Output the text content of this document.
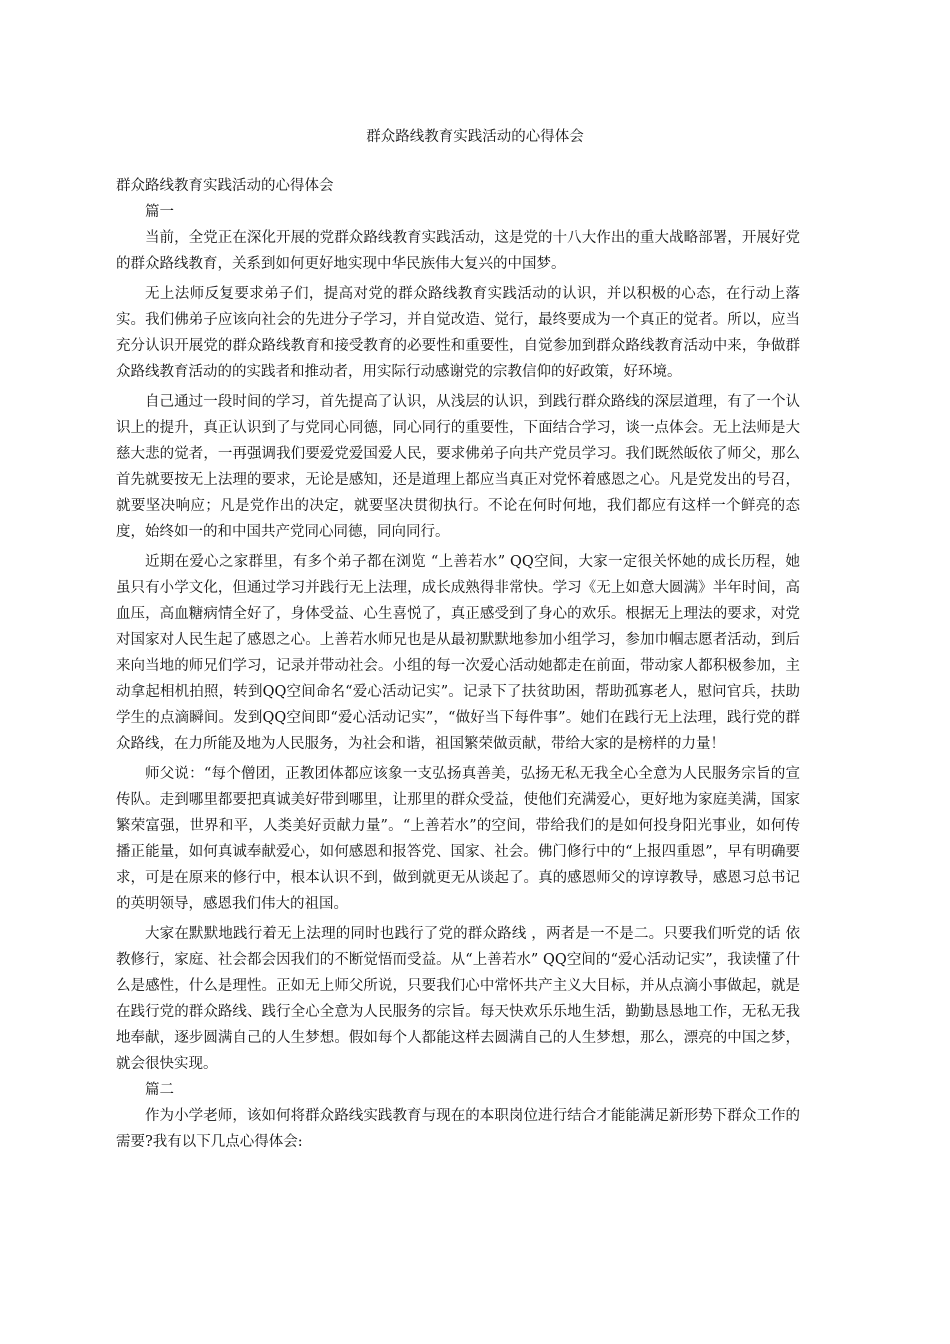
群众路线教育实践活动的心得体会

群众路线教育实践活动的心得体会

篇一

当前，全党正在深化开展的党群众路线教育实践活动，这是党的十八大作出的重大战略部署，开展好党的群众路线教育，关系到如何更好地实现中华民族伟大复兴的中国梦。

无上法师反复要求弟子们，提高对党的群众路线教育实践活动的认识，并以积极的心态，在行动上落实。我们佛弟子应该向社会的先进分子学习，并自觉改造、觉行，最终要成为一个真正的觉者。所以，应当充分认识开展党的群众路线教育和接受教育的必要性和重要性，自觉参加到群众路线教育活动中来，争做群众路线教育活动的的实践者和推动者，用实际行动感谢党的宗教信仰的好政策，好环境。

自己通过一段时间的学习，首先提高了认识，从浅层的认识，到践行群众路线的深层道理，有了一个认识上的提升，真正认识到了与党同心同德，同心同行的重要性，下面结合学习，谈一点体会。无上法师是大慈大悲的觉者，一再强调我们要爱党爱国爱人民，要求佛弟子向共产党员学习。我们既然皈依了师父，那么首先就要按无上法理的要求，无论是感知，还是道理上都应当真正对党怀着感恩之心。凡是党发出的号召，就要坚决响应；凡是党作出的决定，就要坚决贯彻执行。不论在何时何地，我们都应有这样一个鲜亮的态度，始终如一的和中国共产党同心同德，同向同行。

近期在爱心之家群里，有多个弟子都在浏览 “上善若水” QQ空间，大家一定很关怀她的成长历程，她虽只有小学文化，但通过学习并践行无上法理，成长成熟得非常快。学习《无上如意大圆满》半年时间，高血压，高血糖病情全好了，身体受益、心生喜悦了，真正感受到了身心的欢乐。根据无上理法的要求，对党对国家对人民生起了感恩之心。上善若水师兄也是从最初默默地参加小组学习，参加巾帼志愿者活动，到后来向当地的师兄们学习，记录并带动社会。小组的每一次爱心活动她都走在前面，带动家人都积极参加，主动拿起相机拍照，转到QQ空间命名“爱心活动记实”。记录下了扶贫助困，帮助孤寡老人，慰问官兵，扶助学生的点滴瞬间。发到QQ空间即“爱心活动记实”，“做好当下每件事”。她们在践行无上法理，践行党的群众路线，在力所能及地为人民服务，为社会和谐，祖国繁荣做贡献，带给大家的是榜样的力量！

师父说：“每个僧团，正教团体都应该象一支弘扬真善美，弘扬无私无我全心全意为人民服务宗旨的宣传队。走到哪里都要把真诚美好带到哪里，让那里的群众受益，使他们充满爱心，更好地为家庭美满，国家繁荣富强，世界和平，人类美好贡献力量”。“上善若水”的空间，带给我们的是如何投身阳光事业，如何传播正能量，如何真诚奉献爱心，如何感恩和报答党、国家、社会。佛门修行中的“上报四重恩”，早有明确要求，可是在原来的修行中，根本认识不到，做到就更无从谈起了。真的感恩师父的谆谆教导，感恩习总书记的英明领导，感恩我们伟大的祖国。

大家在默默地践行着无上法理的同时也践行了党的群众路线 ，两者是一不是二。只要我们听党的话 依教修行，家庭、社会都会因我们的不断觉悟而受益。从“上善若水” QQ空间的“爱心活动记实”，我读懂了什么是感性，什么是理性。正如无上师父所说，只要我们心中常怀共产主义大目标，并从点滴小事做起，就是在践行党的群众路线、践行全心全意为人民服务的宗旨。每天快欢乐乐地生活，勤勤恳恳地工作，无私无我地奉献，逐步圆满自己的人生梦想。假如每个人都能这样去圆满自己的人生梦想，那么，漂亮的中国之梦，就会很快实现。

篇二

作为小学老师，该如何将群众路线实践教育与现在的本职岗位进行结合才能能满足新形势下群众工作的需要?我有以下几点心得体会:
